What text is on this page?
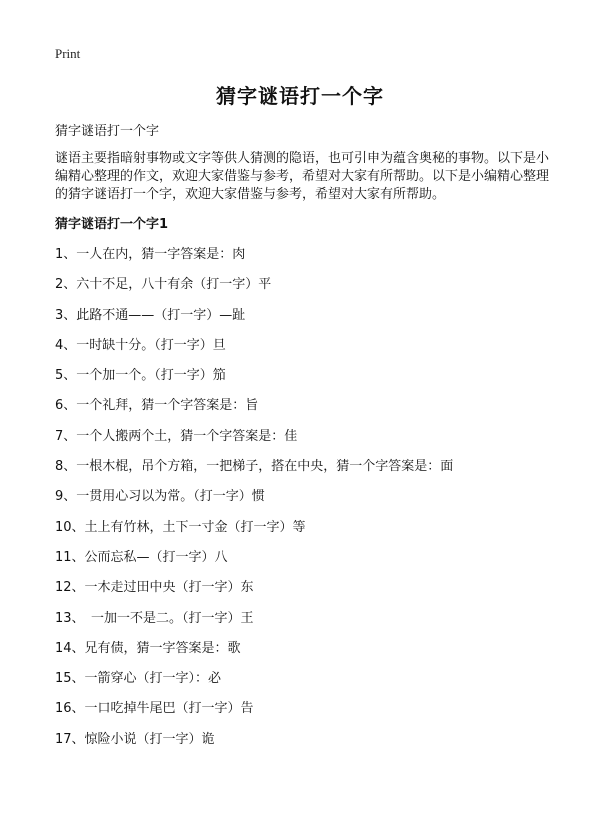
Print
猜字谜语打一个字
猜字谜语打一个字

谜语主要指暗射事物或文字等供人猜测的隐语，也可引申为蕴含奥秘的事物。以下是小编精心整理的作文，欢迎大家借鉴与参考，希望对大家有所帮助。以下是小编精心整理的猜字谜语打一个字，欢迎大家借鉴与参考，希望对大家有所帮助。

猜字谜语打一个字1
1、一人在内，猜一字答案是：肉
2、六十不足，八十有余（打一字）平
3、此路不通——（打一字）—趾
4、一时缺十分。（打一字）旦
5、一个加一个。（打一字）笳
6、一个礼拜，猜一个字答案是：旨
7、一个人搬两个土，猜一个字答案是：佳
8、一根木棍，吊个方箱，一把梯子，搭在中央，猜一个字答案是：面
9、一贯用心习以为常。（打一字）惯
10、土上有竹林，土下一寸金（打一字）等
11、公而忘私—（打一字）八
12、一木走过田中央（打一字）东
13、　一加一不是二。（打一字）王
14、兄有债，猜一字答案是：歌
15、一箭穿心（打一字）：必
16、一口吃掉牛尾巴（打一字）告
17、惊险小说（打一字）诡
